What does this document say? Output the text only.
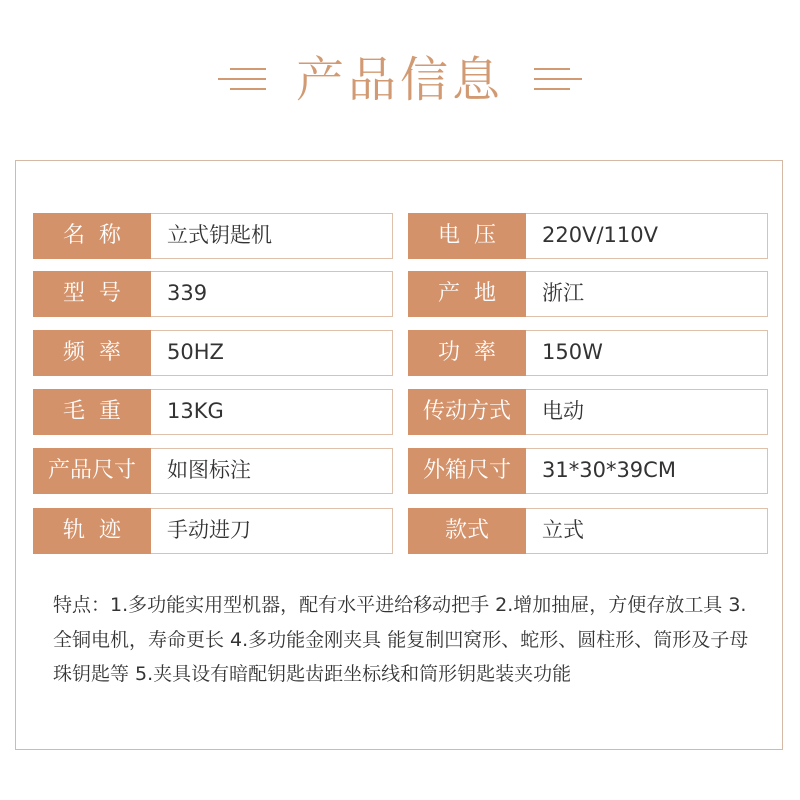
产品信息
名  称	立式钥匙机
型  号	339
频  率	50HZ
毛  重	13KG
产品尺寸	如图标注
轨  迹	手动进刀
电  压	220V/110V
产  地	浙江
功  率	150W
传动方式	电动
外箱尺寸	31*30*39CM
款式	立式
特点：1.多功能实用型机器，配有水平进给移动把手 2.增加抽屉，方便存放工具 3.全铜电机，寿命更长 4.多功能金刚夹具 能复制凹窝形、蛇形、圆柱形、筒形及子母珠钥匙等 5.夹具设有暗配钥匙齿距坐标线和筒形钥匙装夹功能
